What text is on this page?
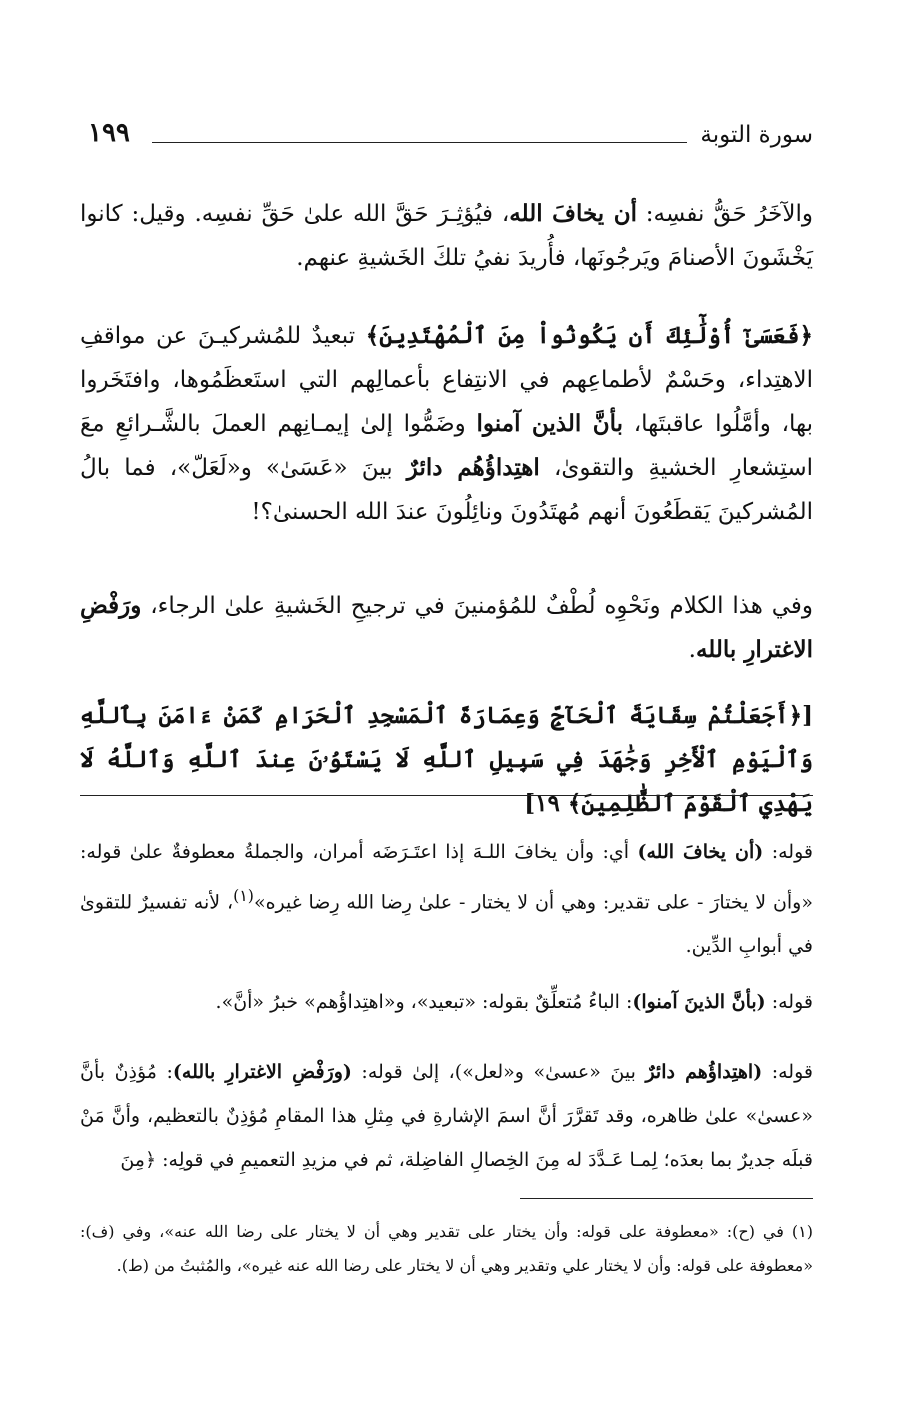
١٩٩	سورة التوبة

والآخَرُ حَقُّ نفسِه: أن يخافَ الله، فيُؤثِـرَ حَقَّ الله علىٰ حَقِّ نفسِه. وقيل: كانوا يَخْشَونَ الأصنامَ ويَرجُونَها، فأُريدَ نفيُ تلكَ الخَشيةِ عنهم.

﴿فَعَسَىٰٓ أُوْلَٰٓئِكَ أَن يَكُونُواْ مِنَ ٱلْمُهْتَدِينَ﴾ تبعيدٌ للمُشركيـنَ عن مواقفِ الاهتِداء، وحَسْمٌ لأطماعِهم في الانتِفاع بأعمالِهم التي استَعظَمُوها، وافتَخَروا بها، وأمَّلُوا عاقبتَها، بأنَّ الذين آمنوا وضَمُّوا إلىٰ إيمـانِهم العملَ بالشَّـرائعِ معَ استِشعارِ الخشيةِ والتقوىٰ، اهتِداؤُهُم دائرٌ بينَ «عَسَىٰ» و«لَعَلّ»، فما بالُ المُشركينَ يَقطَعُونَ أنهم مُهتَدُونَ ونائِلُونَ عندَ الله الحسنىٰ؟!

وفي هذا الكلام ونَحْوِه لُطْفٌ للمُؤمنينَ في ترجيحِ الخَشيةِ علىٰ الرجاء، ورَفْضِ الاغترارِ بالله.

[﴿أَجَعَلْتُمْ سِقَايَةَ ٱلْحَآجِّ وَعِمَارَةَ ٱلْمَسْجِدِ ٱلْحَرَامِ كَمَنْ ءَامَنَ بِٱللَّهِ وَٱلْيَوْمِ ٱلْأَخِرِ وَجَٰهَدَ فِي سَبِيلِ ٱللَّهِ لَا يَسْتَوُۥنَ عِندَ ٱللَّهِ وَٱللَّهُ لَا يَهْدِي ٱلْقَوْمَ ٱلظَّٰلِمِينَ﴾ ١٩]

قوله: (أن يخافَ الله) أي: وأن يخافَ اللـهَ إذا اعتَـرَضَه أمران، والجملةُ معطوفةٌ علىٰ قوله: «وأن لا يختارَ - على تقدير: وهي أن لا يختار - علىٰ رِضا الله رِضا غيره»$^{(١)}$، لأنه تفسيرٌ للتقوىٰ في أبوابِ الدِّين.

قوله: (بأنَّ الذينَ آمنوا): الباءُ مُتعلِّقٌ بقوله: «تبعيد»، و«اهتِداؤُهم» خبرُ «أنَّ».

قوله: (اهتِداؤُهم دائرٌ بينَ «عسىٰ» و«لعل»)، إلىٰ قوله: (ورَفْضِ الاغترارِ بالله): مُؤذِنٌ بأنَّ «عسىٰ» علىٰ ظاهره، وقد تَقرَّرَ أنَّ اسمَ الإشارةِ في مِثلِ هذا المقامِ مُؤذِنٌ بالتعظيم، وأنَّ مَنْ قبلَه جديرٌ بما بعدَه؛ لِمـا عَـدَّدَ له مِنَ الخِصالِ الفاضِلة، ثم في مزيدِ التعميمِ في قولِه: ﴿مِنَ

(١) في (ح): «معطوفة على قوله: وأن يختار على تقدير وهي أن لا يختار على رضا الله عنه»، وفي (ف): «معطوفة على قوله: وأن لا يختار علي وتقدير وهي أن لا يختار على رضا الله عنه غيره»، والمُثبتُ من (ط).
